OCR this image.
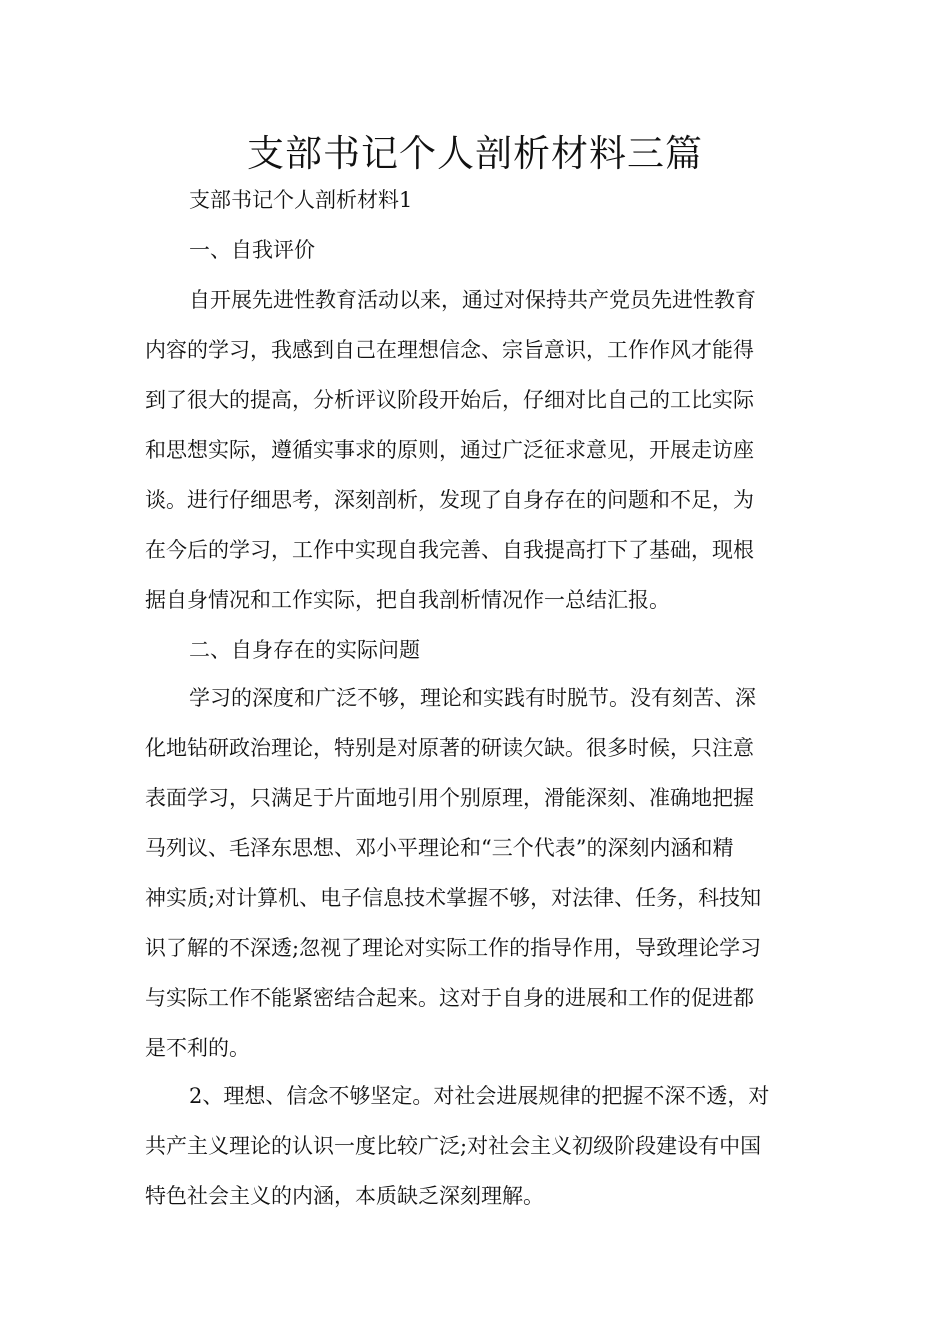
支部书记个人剖析材料三篇

支部书记个人剖析材料1

一、自我评价

自开展先进性教育活动以来，通过对保持共产党员先进性教育

内容的学习，我感到自己在理想信念、宗旨意识，工作作风才能得

到了很大的提高，分析评议阶段开始后，仔细对比自己的工比实际

和思想实际，遵循实事求的原则，通过广泛征求意见，开展走访座

谈。进行仔细思考，深刻剖析，发现了自身存在的问题和不足，为

在今后的学习，工作中实现自我完善、自我提高打下了基础，现根

据自身情况和工作实际，把自我剖析情况作一总结汇报。

二、自身存在的实际问题

学习的深度和广泛不够，理论和实践有时脱节。没有刻苦、深

化地钻研政治理论，特别是对原著的研读欠缺。很多时候，只注意

表面学习，只满足于片面地引用个别原理，滑能深刻、准确地把握

马列议、毛泽东思想、邓小平理论和“三个代表”的深刻内涵和精

神实质;对计算机、电子信息技术掌握不够，对法律、任务，科技知

识了解的不深透;忽视了理论对实际工作的指导作用，导致理论学习

与实际工作不能紧密结合起来。这对于自身的进展和工作的促进都

是不利的。

2、理想、信念不够坚定。对社会进展规律的把握不深不透，对

共产主义理论的认识一度比较广泛;对社会主义初级阶段建设有中国

特色社会主义的内涵，本质缺乏深刻理解。
